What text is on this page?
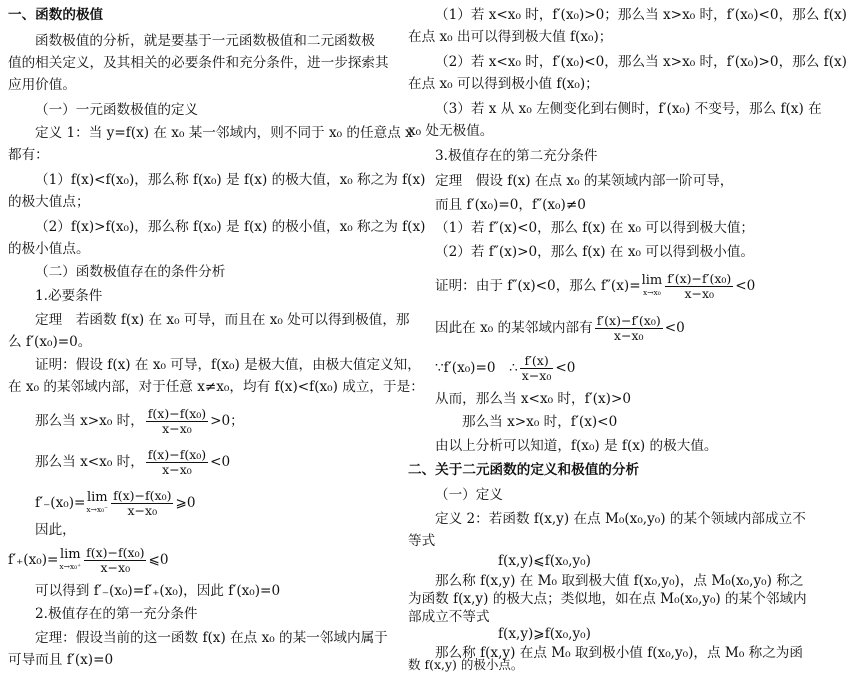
一、函数的极值
函数极值的分析，就是要基于一元函数极值和二元函数极
值的相关定义，及其相关的必要条件和充分条件，进一步探索其
应用价值。
（一）一元函数极值的定义
定义 1：当 y=f(x) 在 x₀ 某一邻域内，则不同于 x₀ 的任意点 x
都有：
（1）f(x)<f(x₀)，那么称 f(x₀) 是 f(x) 的极大值，x₀ 称之为 f(x)
的极大值点；
（2）f(x)>f(x₀)，那么称 f(x₀) 是 f(x) 的极小值，x₀ 称之为 f(x)
的极小值点。
（二）函数极值存在的条件分析
1.必要条件
定理　若函数 f(x) 在 x₀ 可导，而且在 x₀ 处可以得到极值，那
么 f′(x₀)=0。
证明：假设 f(x) 在 x₀ 可导，f(x₀) 是极大值，由极大值定义知，
在 x₀ 的某邻域内部，对于任意 x≠x₀，均有 f(x)<f(x₀) 成立，于是：
那么当 x>x₀ 时， $\frac{\text{f(x)−f(x₀)}}{\text{x−x₀}} >0$；
那么当 x<x₀ 时， $\frac{\text{f(x)−f(x₀)}}{\text{x−x₀}} <0$
f′₋(x₀)= lim
$x\to x_0^- \frac{\text{f(x)−f(x₀)}}{\text{x−x₀}}$ ⩾0
因此，
f′₊(x₀)= lim
$x\to x_0^+ \frac{\text{f(x)−f(x₀)}}{\text{x−x₀}}$ ⩽0
可以得到 f′₋(x₀)=f′₊(x₀)，因此 f′(x₀)=0
2.极值存在的第一充分条件
定理：假设当前的这一函数 f(x) 在点 x₀ 的某一邻域内属于
可导而且 f′(x)=0
（1）若 x<x₀ 时，f′(x₀)>0；那么当 x>x₀ 时，f′(x₀)<0，那么 f(x)
在点 x₀ 出可以得到极大值 f(x₀)；
（2）若 x<x₀ 时，f′(x₀)<0，那么当 x>x₀ 时，f′(x₀)>0，那么 f(x)
在点 x₀ 可以得到极小值 f(x₀)；
（3）若 x 从 x₀ 左侧变化到右侧时，f′(x₀) 不变号，那么 f(x) 在
x₀ 处无极值。
3.极值存在的第二充分条件
定理　假设 f(x) 在点 x₀ 的某领域内部一阶可导，
而且 f′(x₀)=0，f″(x₀)≠0
（1）若 f″(x)<0，那么 f(x) 在 x₀ 可以得到极大值；
（2）若 f″(x)>0，那么 f(x) 在 x₀ 可以得到极小值。
证明：由于 f″(x)<0，那么 f″(x)= lim
$x\to x_0 \frac{\text{f′(x)−f′(x₀)}}{\text{x−x₀}} <0$
因此在 x₀ 的某邻域内部有 $\frac{\text{f′(x)−f′(x₀)}}{\text{x−x₀}} <0$
∵f′(x₀)=0　∴ $\frac{f'(x)}{\text{x−x₀}} <0$
从而，那么当 x<x₀ 时，f′(x)>0
那么当 x>x₀ 时，f′(x)<0
由以上分析可以知道，f(x₀) 是 f(x) 的极大值。
二、关于二元函数的定义和极值的分析
（一）定义
定义 2：若函数 f(x,y) 在点 M₀(x₀,y₀) 的某个领域内部成立不
等式
f(x,y)⩽f(x₀,y₀)
那么称 f(x,y) 在 M₀ 取到极大值 f(x₀,y₀)，点 M₀(x₀,y₀) 称之
为函数 f(x,y) 的极大点；类似地，如在点 M₀(x₀,y₀) 的某个邻域内
部成立不等式
f(x,y)⩾f(x₀,y₀)
那么称 f(x,y) 在点 M₀ 取到极小值 f(x₀,y₀)，点 M₀ 称之为函
数 f(x,y) 的极小点。
